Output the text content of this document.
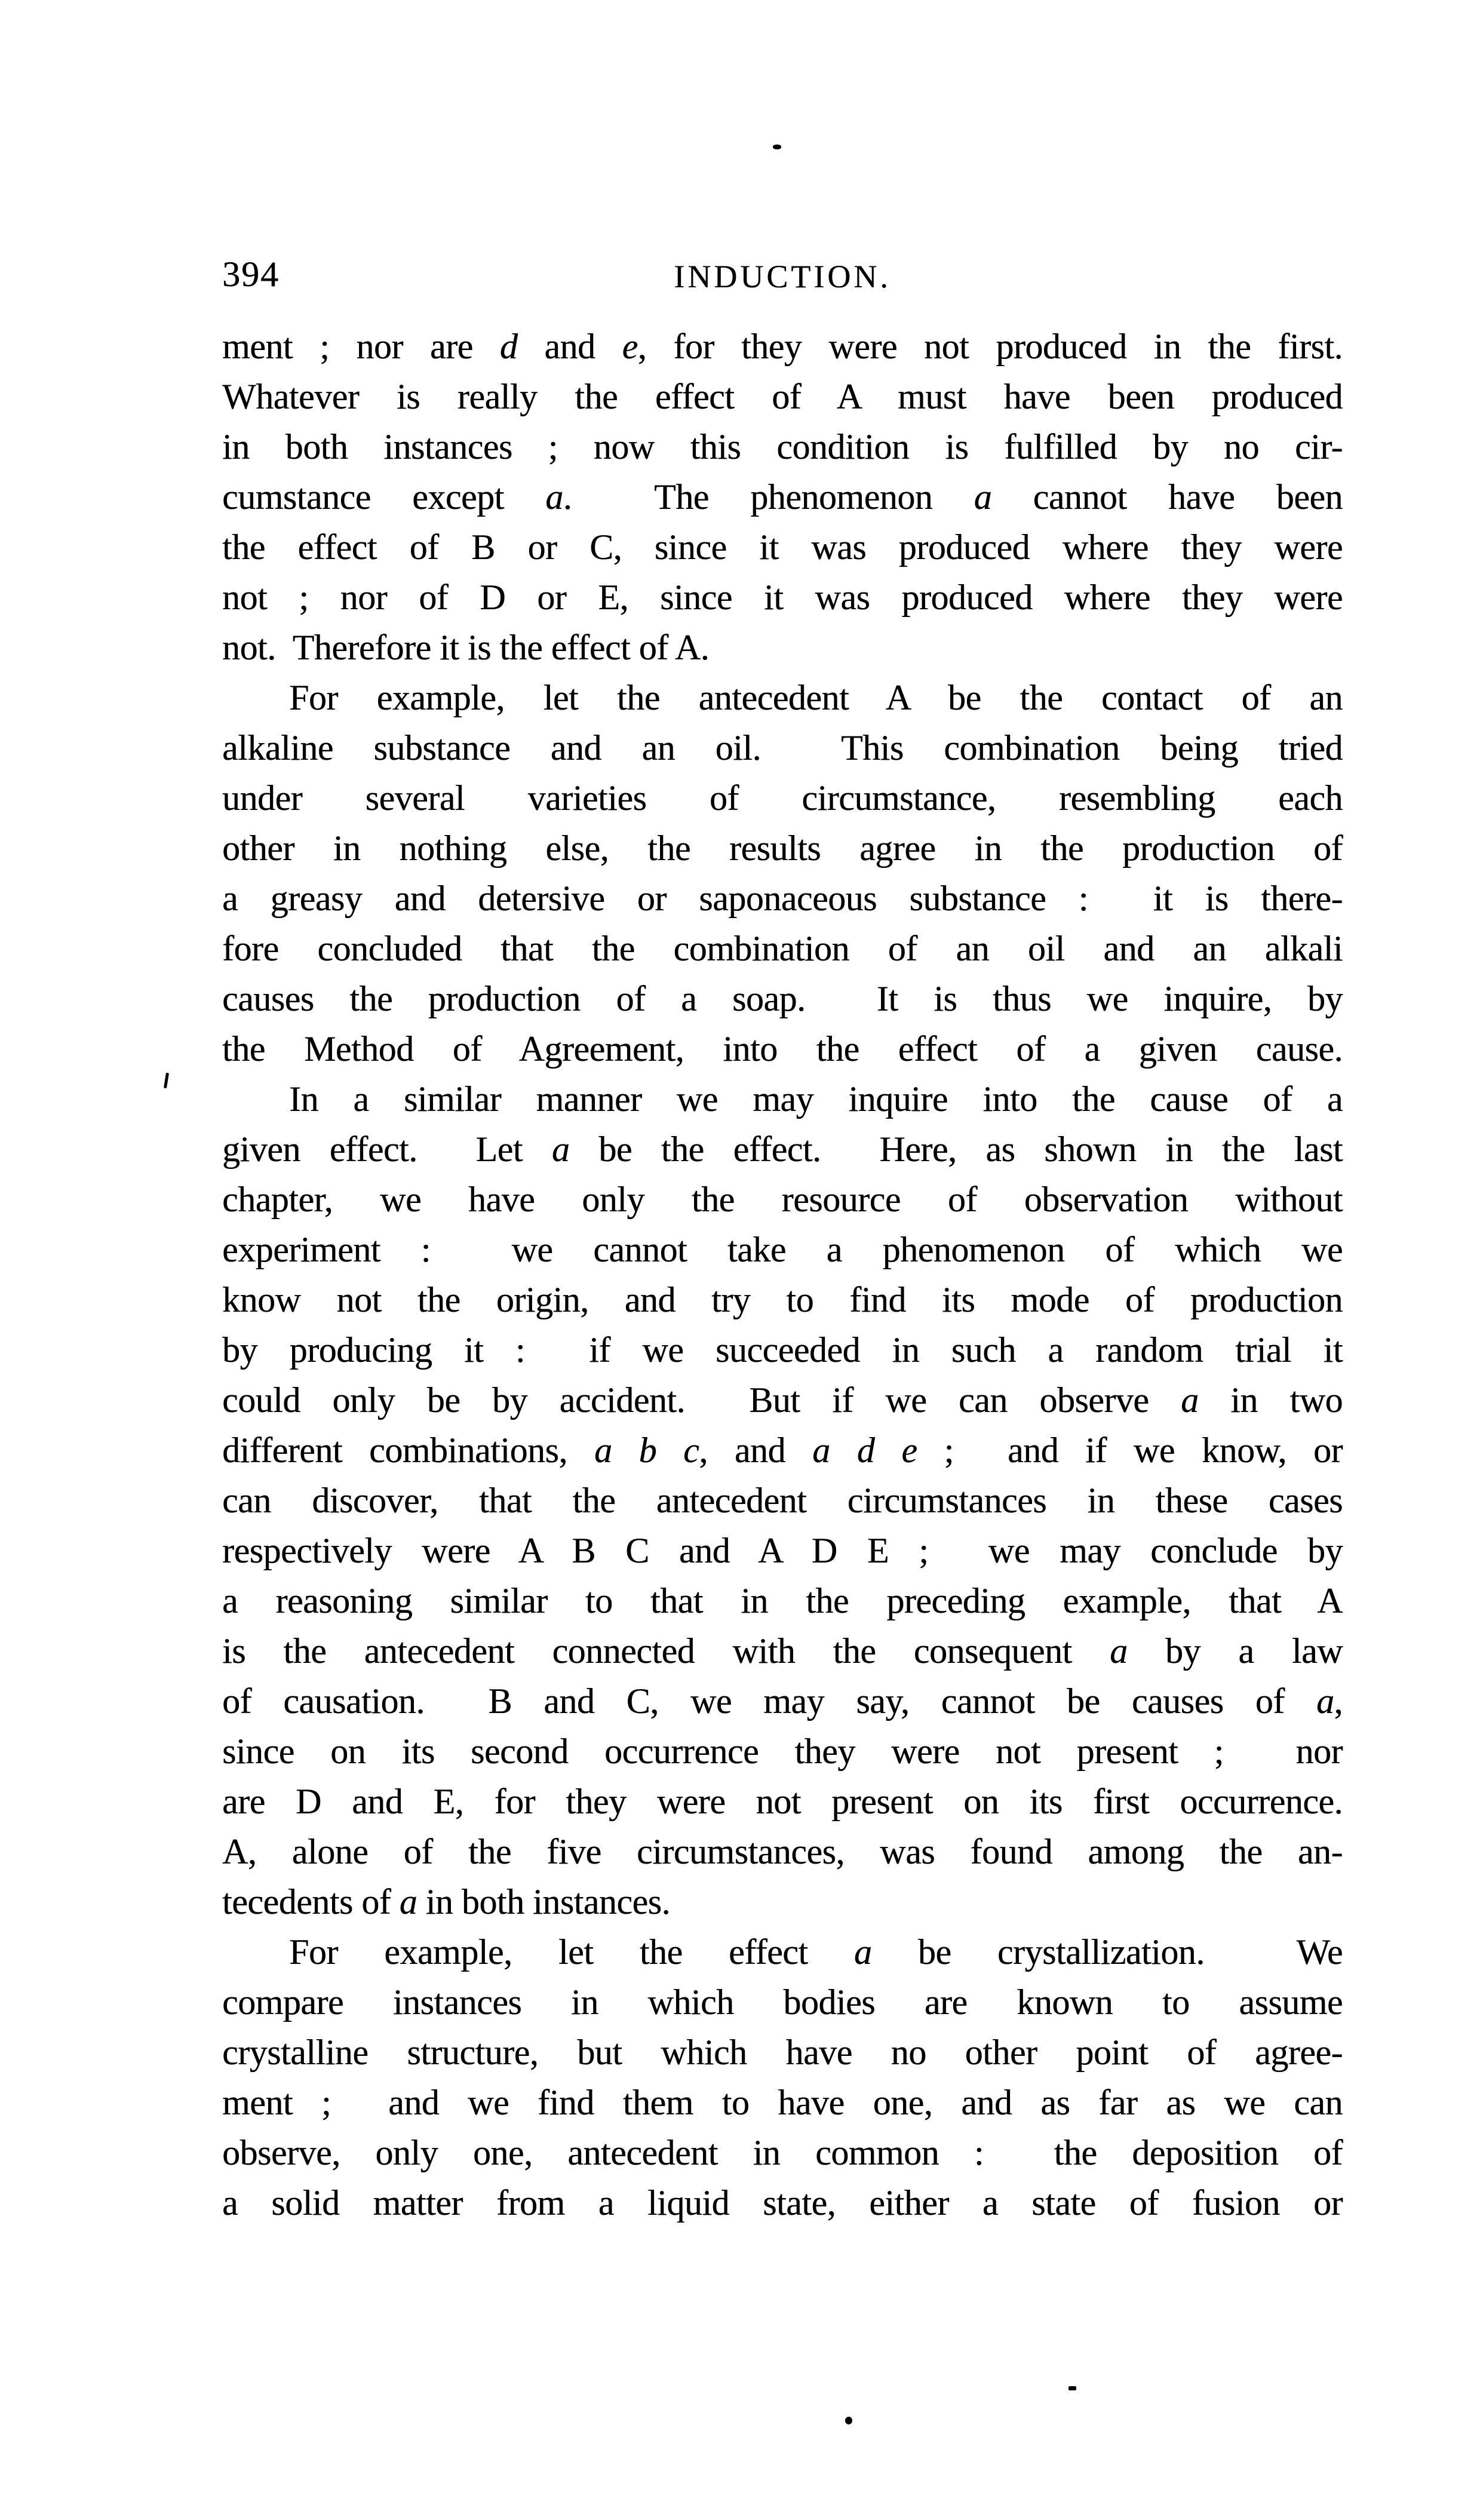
394	INDUCTION.
ment ; nor are d and e, for they were not produced in the first.
Whatever is really the effect of A must have been produced
in both instances ; now this condition is fulfilled by no cir-
cumstance except a.  The phenomenon a cannot have been
the effect of B or C, since it was produced where they were
not ; nor of D or E, since it was produced where they were
not.  Therefore it is the effect of A.
For example, let the antecedent A be the contact of an
alkaline substance and an oil.  This combination being tried
under several varieties of circumstance, resembling each
other in nothing else, the results agree in the production of
a greasy and detersive or saponaceous substance :  it is there-
fore concluded that the combination of an oil and an alkali
causes the production of a soap.  It is thus we inquire, by
the Method of Agreement, into the effect of a given cause.
In a similar manner we may inquire into the cause of a
given effect.  Let a be the effect.  Here, as shown in the last
chapter, we have only the resource of observation without
experiment :  we cannot take a phenomenon of which we
know not the origin, and try to find its mode of production
by producing it :  if we succeeded in such a random trial it
could only be by accident.  But if we can observe a in two
different combinations, a b c, and a d e ;  and if we know, or
can discover, that the antecedent circumstances in these cases
respectively were A B C and A D E ;  we may conclude by
a reasoning similar to that in the preceding example, that A
is the antecedent connected with the consequent a by a law
of causation.  B and C, we may say, cannot be causes of a,
since on its second occurrence they were not present ;  nor
are D and E, for they were not present on its first occurrence.
A, alone of the five circumstances, was found among the an-
tecedents of a in both instances.
For example, let the effect a be crystallization.  We
compare instances in which bodies are known to assume
crystalline structure, but which have no other point of agree-
ment ;  and we find them to have one, and as far as we can
observe, only one, antecedent in common :  the deposition of
a solid matter from a liquid state, either a state of fusion or
